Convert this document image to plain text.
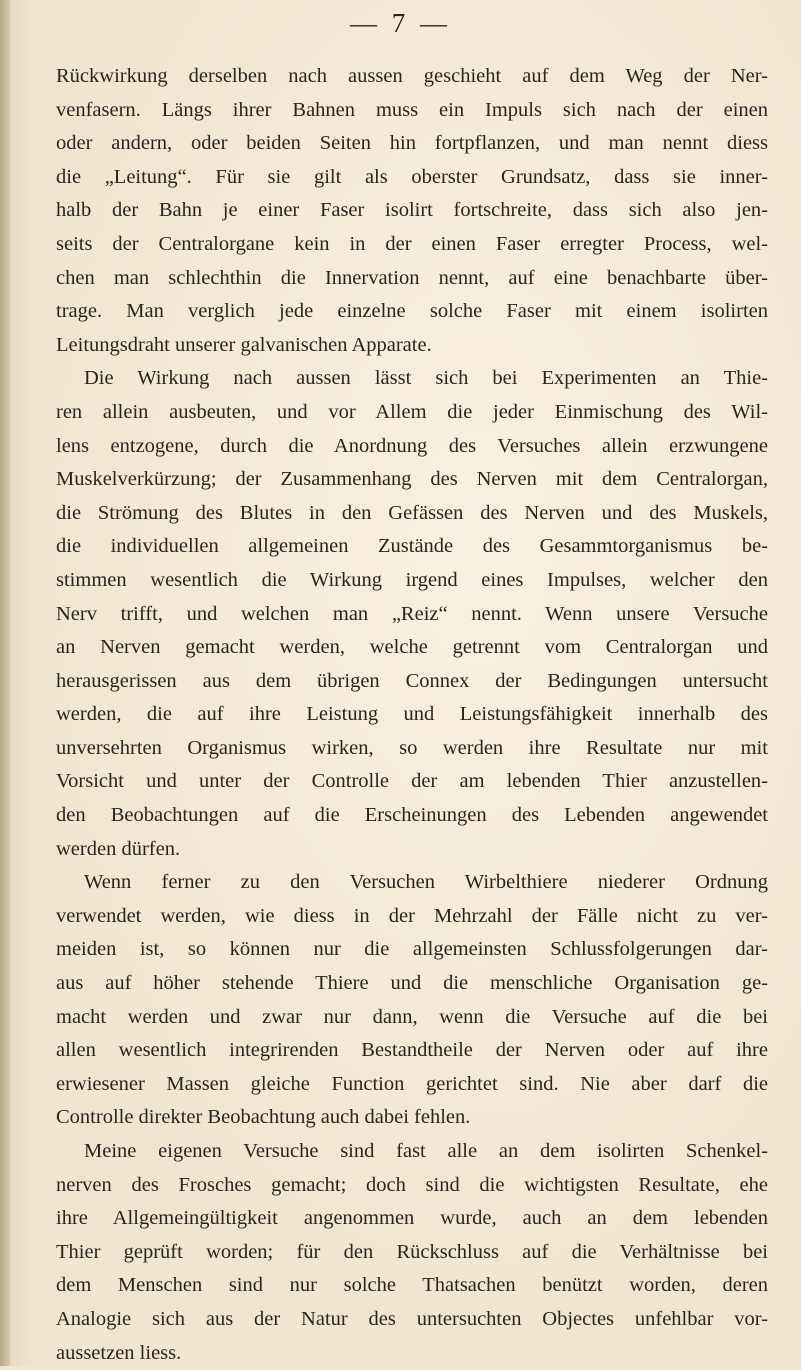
— 7 —

Rückwirkung derselben nach aussen geschieht auf dem Weg der Ner-
venfasern. Längs ihrer Bahnen muss ein Impuls sich nach der einen
oder andern, oder beiden Seiten hin fortpflanzen, und man nennt diess
die „Leitung“. Für sie gilt als oberster Grundsatz, dass sie inner-
halb der Bahn je einer Faser isolirt fortschreite, dass sich also jen-
seits der Centralorgane kein in der einen Faser erregter Process, wel-
chen man schlechthin die Innervation nennt, auf eine benachbarte über-
trage. Man verglich jede einzelne solche Faser mit einem isolirten
Leitungsdraht unserer galvanischen Apparate.

Die Wirkung nach aussen lässt sich bei Experimenten an Thie-
ren allein ausbeuten, und vor Allem die jeder Einmischung des Wil-
lens entzogene, durch die Anordnung des Versuches allein erzwungene
Muskelverkürzung; der Zusammenhang des Nerven mit dem Centralorgan,
die Strömung des Blutes in den Gefässen des Nerven und des Muskels,
die individuellen allgemeinen Zustände des Gesammtorganismus be-
stimmen wesentlich die Wirkung irgend eines Impulses, welcher den
Nerv trifft, und welchen man „Reiz“ nennt. Wenn unsere Versuche
an Nerven gemacht werden, welche getrennt vom Centralorgan und
herausgerissen aus dem übrigen Connex der Bedingungen untersucht
werden, die auf ihre Leistung und Leistungsfähigkeit innerhalb des
unversehrten Organismus wirken, so werden ihre Resultate nur mit
Vorsicht und unter der Controlle der am lebenden Thier anzustellen-
den Beobachtungen auf die Erscheinungen des Lebenden angewendet
werden dürfen.

Wenn ferner zu den Versuchen Wirbelthiere niederer Ordnung
verwendet werden, wie diess in der Mehrzahl der Fälle nicht zu ver-
meiden ist, so können nur die allgemeinsten Schlussfolgerungen dar-
aus auf höher stehende Thiere und die menschliche Organisation ge-
macht werden und zwar nur dann, wenn die Versuche auf die bei
allen wesentlich integrirenden Bestandtheile der Nerven oder auf ihre
erwiesener Massen gleiche Function gerichtet sind. Nie aber darf die
Controlle direkter Beobachtung auch dabei fehlen.

Meine eigenen Versuche sind fast alle an dem isolirten Schenkel-
nerven des Frosches gemacht; doch sind die wichtigsten Resultate, ehe
ihre Allgemeingültigkeit angenommen wurde, auch an dem lebenden
Thier geprüft worden; für den Rückschluss auf die Verhältnisse bei
dem Menschen sind nur solche Thatsachen benützt worden, deren
Analogie sich aus der Natur des untersuchten Objectes unfehlbar vor-
aussetzen liess.
